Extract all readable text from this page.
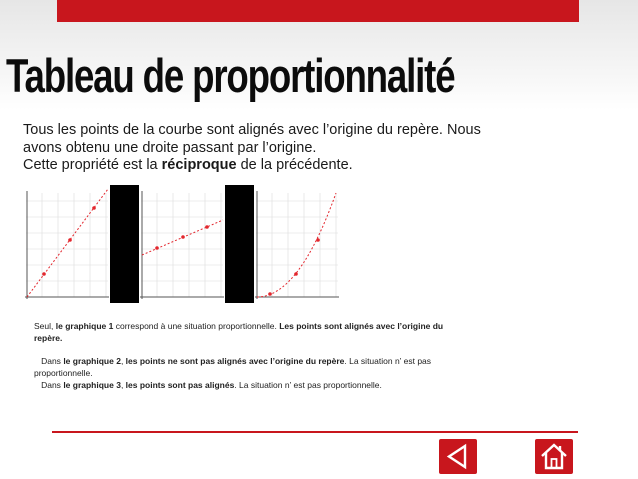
Tableau de proportionnalité

Tous les points de la courbe sont alignés avec l’origine du repère. Nous

avons obtenu une droite passant par l’origine.

Cette propriété est la réciproque de la précédente.

Seul, le graphique 1 correspond à une situation proportionnelle. Les points sont alignés avec l’origine du repère.

Dans le graphique 2, les points ne sont pas alignés avec l’origine du repère. La situation n’ est pas proportionnelle.

Dans le graphique 3, les points sont pas alignés. La situation n’ est pas proportionnelle.
